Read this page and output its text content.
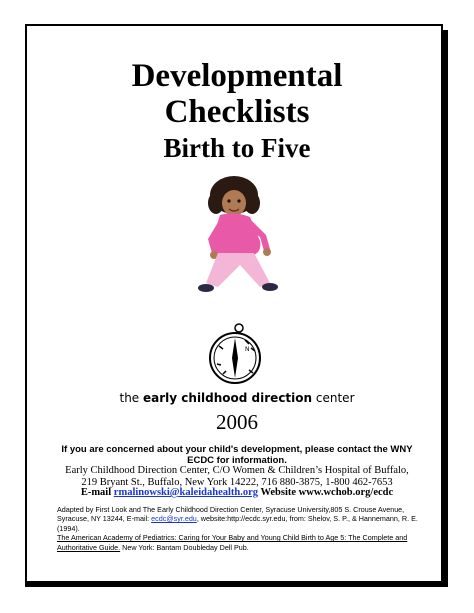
Developmental
Checklists
Birth to Five
N
the early childhood direction center
2006
If you are concerned about your child's development, please contact the WNY
ECDC for information.
Early Childhood Direction Center, C/O Women & Children’s Hospital of Buffalo,
219 Bryant St., Buffalo, New York 14222, 716 880-3875, 1-800 462-7653
E-mail rmalinowski@kaleidahealth.org Website www.wchob.org/ecdc
Adapted by First Look and The Early Childhood Direction Center, Syracuse University,805 S. Crouse Avenue,
Syracuse, NY 13244, E-mail: ecdc@syr.edu, website:http://ecdc.syr.edu, from: Shelov, S. P., & Hannemann, R. E. (1994).
The American Academy of Pediatrics: Caring for Your Baby and Young Child Birth to Age 5: The Complete and Authoritative Guide. New York: Bantam Doubleday Dell Pub.
